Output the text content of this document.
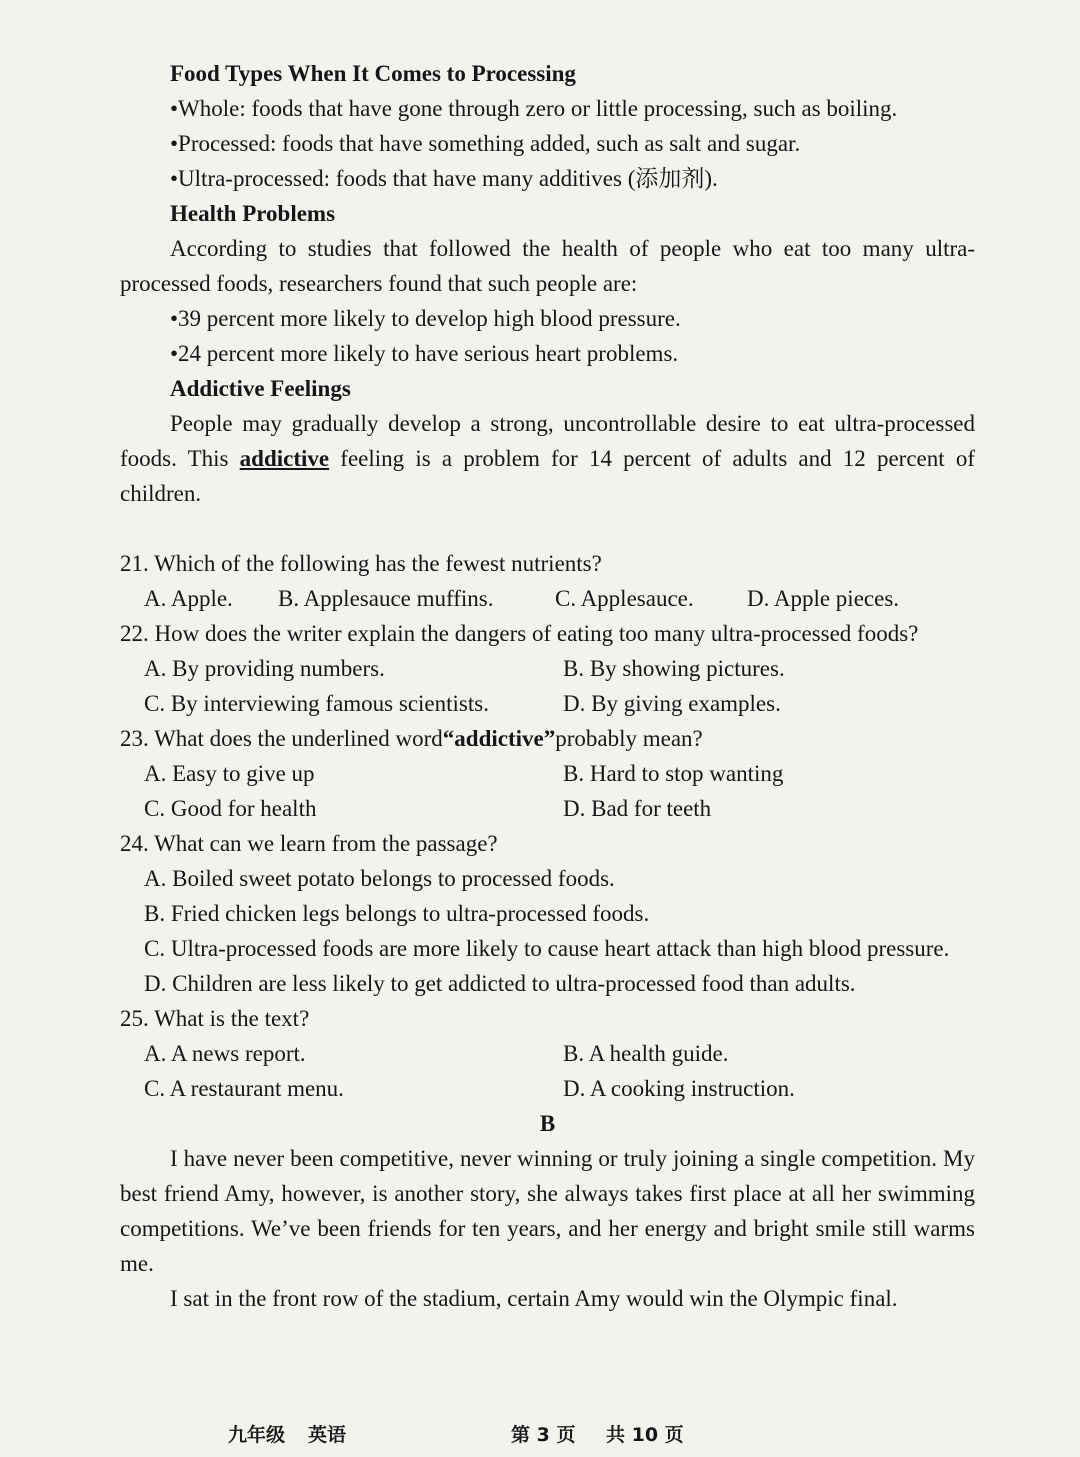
Food Types When It Comes to Processing

•Whole: foods that have gone through zero or little processing, such as boiling.

•Processed: foods that have something added, such as salt and sugar.
•Ultra-processed: foods that have many additives (添加剂).
Health Problems

According to studies that followed the health of people who eat too many ultra-processed foods, researchers found that such people are:

•39 percent more likely to develop high blood pressure.
•24 percent more likely to have serious heart problems.
Addictive Feelings

People may gradually develop a strong, uncontrollable desire to eat ultra-processed foods. This addictive feeling is a problem for 14 percent of adults and 12 percent of children.

21. Which of the following has the fewest nutrients?
A. Apple.	B. Applesauce muffins.	C. Applesauce.	D. Apple pieces.
22. How does the writer explain the dangers of eating too many ultra-processed foods?
A. By providing numbers.	B. By showing pictures.
C. By interviewing famous scientists.	D. By giving examples.
23. What does the underlined word“addictive”probably mean?
A. Easy to give up	B. Hard to stop wanting
C. Good for health	D. Bad for teeth
24. What can we learn from the passage?
A. Boiled sweet potato belongs to processed foods.
B. Fried chicken legs belongs to ultra-processed foods.
C. Ultra-processed foods are more likely to cause heart attack than high blood pressure.
D. Children are less likely to get addicted to ultra-processed food than adults.
25. What is the text?
A. A news report.	B. A health guide.
C. A restaurant menu.	D. A cooking instruction.
B

I have never been competitive, never winning or truly joining a single competition. My best friend Amy, however, is another story, she always takes first place at all her swimming competitions. We’ve been friends for ten years, and her energy and bright smile still warms me.

I sat in the front row of the stadium, certain Amy would win the Olympic final.

九年级 英语	第 3 页 共 10 页
